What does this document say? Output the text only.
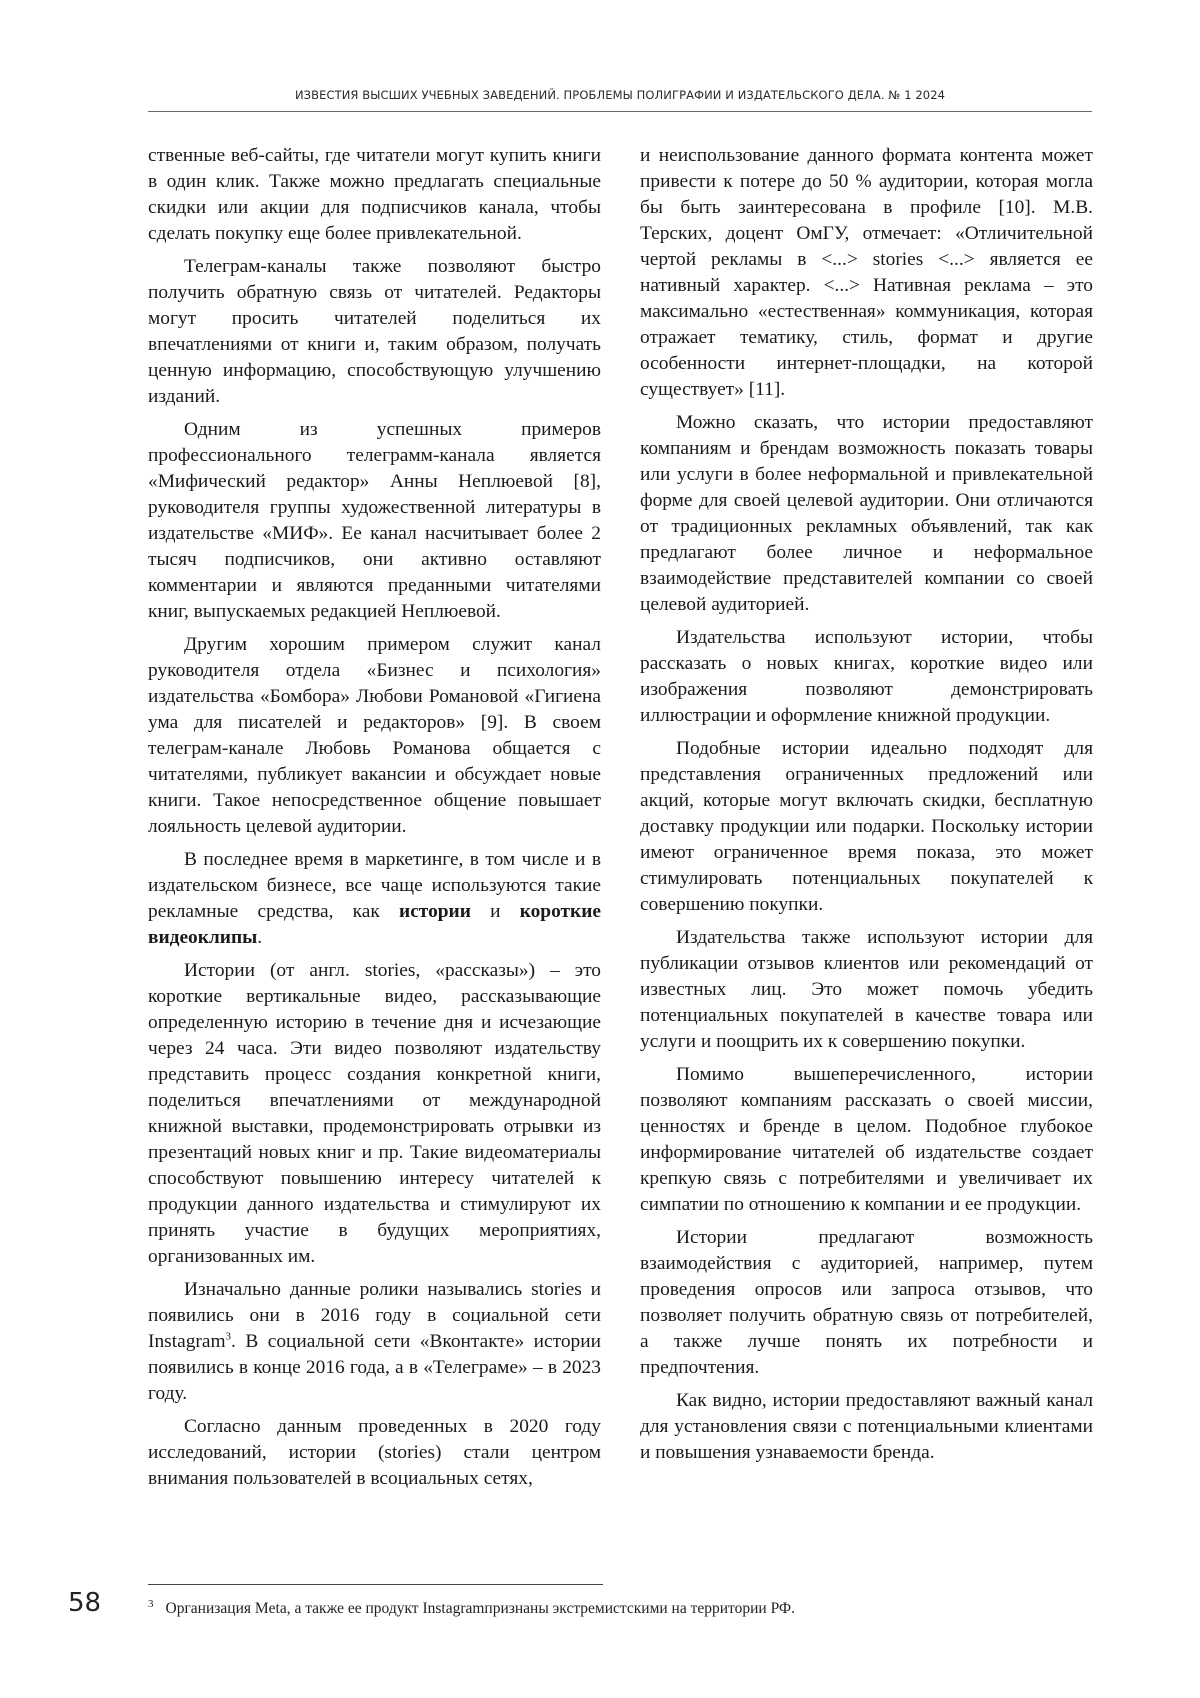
ИЗВЕСТИЯ ВЫСШИХ УЧЕБНЫХ ЗАВЕДЕНИЙ. ПРОБЛЕМЫ ПОЛИГРАФИИ И ИЗДАТЕЛЬСКОГО ДЕЛА. № 1 2024

ственные веб-сайты, где читатели могут купить книги в один клик. Также можно предлагать специальные скидки или акции для подписчиков канала, чтобы сделать покупку еще более привлекательной.

Телеграм-каналы также позволяют быстро получить обратную связь от читателей. Редакторы могут просить читателей поделиться их впечатлениями от книги и, таким образом, получать ценную информацию, способствующую улучшению изданий.

Одним из успешных примеров профессионального телеграмм-канала является «Мифический редактор» Анны Неплюевой [8], руководителя группы художественной литературы в издательстве «МИФ». Ее канал насчитывает более 2 тысяч подписчиков, они активно оставляют комментарии и являются преданными читателями книг, выпускаемых редакцией Неплюевой.

Другим хорошим примером служит канал руководителя отдела «Бизнес и психология» издательства «Бомбора» Любови Романовой «Гигиена ума для писателей и редакторов» [9]. В своем телеграм-канале Любовь Романова общается с читателями, публикует вакансии и обсуждает новые книги. Такое непосредственное общение повышает лояльность целевой аудитории.

В последнее время в маркетинге, в том числе и в издательском бизнесе, все чаще используются такие рекламные средства, как истории и короткие видеоклипы.

Истории (от англ. stories, «рассказы») – это короткие вертикальные видео, рассказывающие определенную историю в течение дня и исчезающие через 24 часа. Эти видео позволяют издательству представить процесс создания конкретной книги, поделиться впечатлениями от международной книжной выставки, продемонстрировать отрывки из презентаций новых книг и пр. Такие видеоматериалы способствуют повышению интересу читателей к продукции данного издательства и стимулируют их принять участие в будущих мероприятиях, организованных им.

Изначально данные ролики назывались stories и появились они в 2016 году в социальной сети Instagram$^3$. В социальной сети «Вконтакте» истории появились в конце 2016 года, а в «Телеграме» – в 2023 году.

Согласно данным проведенных в 2020 году исследований, истории (stories) стали центром внимания пользователей в всоциальных сетях,

и неиспользование данного формата контента может привести к потере до 50 % аудитории, которая могла бы быть заинтересована в профиле [10]. М.В. Терских, доцент ОмГУ, отмечает: «Отличительной чертой рекламы в <...> stories <...> является ее нативный характер. <...> Нативная реклама – это максимально «естественная» коммуникация, которая отражает тематику, стиль, формат и другие особенности интернет-площадки, на которой существует» [11].

Можно сказать, что истории предоставляют компаниям и брендам возможность показать товары или услуги в более неформальной и привлекательной форме для своей целевой аудитории. Они отличаются от традиционных рекламных объявлений, так как предлагают более личное и неформальное взаимодействие представителей компании со своей целевой аудиторией.

Издательства используют истории, чтобы рассказать о новых книгах, короткие видео или изображения позволяют демонстрировать иллюстрации и оформление книжной продукции.

Подобные истории идеально подходят для представления ограниченных предложений или акций, которые могут включать скидки, бесплатную доставку продукции или подарки. Поскольку истории имеют ограниченное время показа, это может стимулировать потенциальных покупателей к совершению покупки.

Издательства также используют истории для публикации отзывов клиентов или рекомендаций от известных лиц. Это может помочь убедить потенциальных покупателей в качестве товара или услуги и поощрить их к совершению покупки.

Помимо вышеперечисленного, истории позволяют компаниям рассказать о своей миссии, ценностях и бренде в целом. Подобное глубокое информирование читателей об издательстве создает крепкую связь с потребителями и увеличивает их симпатии по отношению к компании и ее продукции.

Истории предлагают возможность взаимодействия с аудиторией, например, путем проведения опросов или запроса отзывов, что позволяет получить обратную связь от потребителей, а также лучше понять их потребности и предпочтения.

Как видно, истории предоставляют важный канал для установления связи с потенциальными клиентами и повышения узнаваемости бренда.

58	$^3$ Организация Meta, а также ее продукт Instagramпризнаны экстремистскими на территории РФ.
